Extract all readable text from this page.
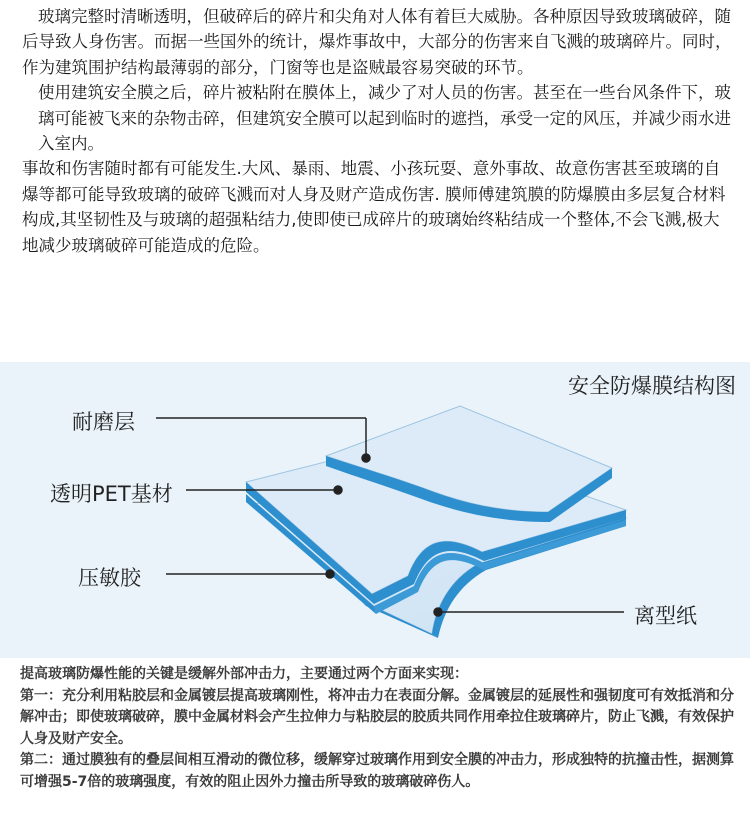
玻璃完整时清晰透明，但破碎后的碎片和尖角对人体有着巨大威胁。各种原因导致玻璃破碎，随后导致人身伤害。而据一些国外的统计，爆炸事故中，大部分的伤害来自飞溅的玻璃碎片。同时，作为建筑围护结构最薄弱的部分，门窗等也是盗贼最容易突破的环节。

使用建筑安全膜之后，碎片被粘附在膜体上，减少了对人员的伤害。甚至在一些台风条件下，玻璃可能被飞来的杂物击碎，但建筑安全膜可以起到临时的遮挡，承受一定的风压，并减少雨水进入室内。

事故和伤害随时都有可能发生.大风、暴雨、地震、小孩玩耍、意外事故、故意伤害甚至玻璃的自爆等都可能导致玻璃的破碎飞溅而对人身及财产造成伤害. 膜师傅建筑膜的防爆膜由多层复合材料构成,其坚韧性及与玻璃的超强粘结力,使即使已成碎片的玻璃始终粘结成一个整体,不会飞溅,极大地减少玻璃破碎可能造成的危险。

安全防爆膜结构图
耐磨层
透明PET基材
压敏胶
离型纸

提高玻璃防爆性能的关键是缓解外部冲击力，主要通过两个方面来实现：

第一：充分利用粘胶层和金属镀层提高玻璃刚性，将冲击力在表面分解。金属镀层的延展性和强韧度可有效抵消和分解冲击；即使玻璃破碎，膜中金属材料会产生拉伸力与粘胶层的胶质共同作用牵拉住玻璃碎片，防止飞溅，有效保护人身及财产安全。

第二：通过膜独有的叠层间相互滑动的微位移，缓解穿过玻璃作用到安全膜的冲击力，形成独特的抗撞击性，据测算可增强5-7倍的玻璃强度，有效的阻止因外力撞击所导致的玻璃破碎伤人。
